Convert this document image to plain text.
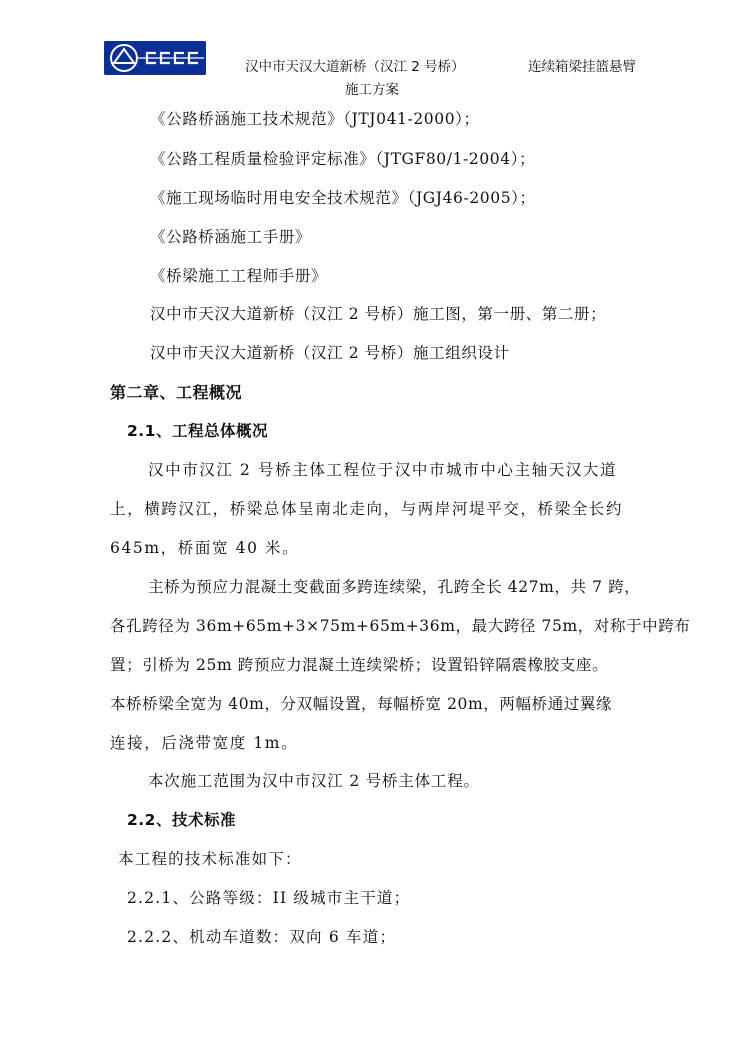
汉中市天汉大道新桥（汉江 2 号桥）	连续箱梁挂篮悬臂
施工方案
《公路桥涵施工技术规范》（JTJ041-2000）；
《公路工程质量检验评定标准》（JTGF80/1-2004）；
《施工现场临时用电安全技术规范》（JGJ46-2005）；
《公路桥涵施工手册》
《桥梁施工工程师手册》
汉中市天汉大道新桥（汉江 2 号桥）施工图，第一册、第二册；
汉中市天汉大道新桥（汉江 2 号桥）施工组织设计
第二章、工程概况
2.1、工程总体概况
汉中市汉江 2 号桥主体工程位于汉中市城市中心主轴天汉大道
上，横跨汉江，桥梁总体呈南北走向，与两岸河堤平交，桥梁全长约
645m，桥面宽 40 米。
主桥为预应力混凝土变截面多跨连续梁，孔跨全长 427m，共 7 跨，
各孔跨径为 36m+65m+3×75m+65m+36m，最大跨径 75m，对称于中跨布
置；引桥为 25m 跨预应力混凝土连续梁桥；设置铅锌隔震橡胶支座。
本桥桥梁全宽为 40m，分双幅设置，每幅桥宽 20m，两幅桥通过翼缘
连接，后浇带宽度 1m。
本次施工范围为汉中市汉江 2 号桥主体工程。
2.2、技术标准
本工程的技术标准如下：
2.2.1、公路等级：II 级城市主干道；
2.2.2、机动车道数：双向 6 车道；
